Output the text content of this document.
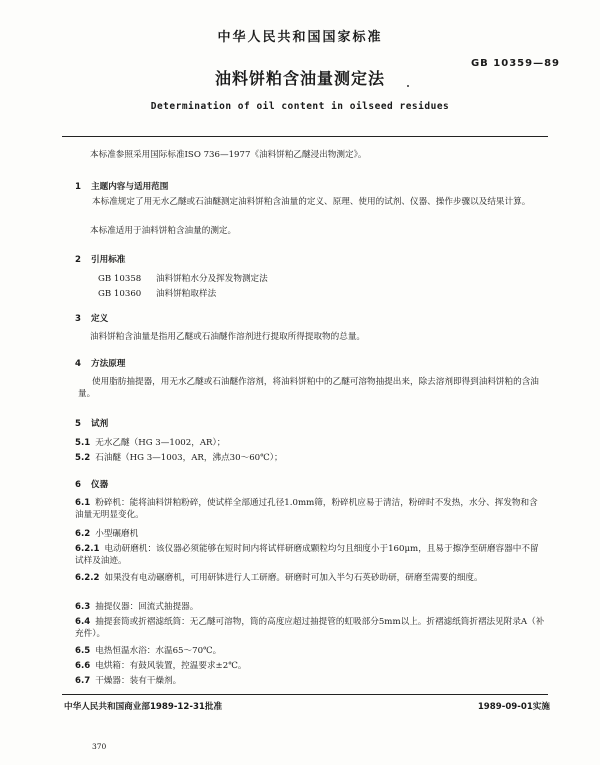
中华人民共和国国家标准
GB 10359—89
油料饼粕含油量测定法
Determination of oil content in oilseed residues
本标准参照采用国际标准ISO 736—1977《油料饼粕乙醚浸出物测定》。
1 主题内容与适用范围
本标准规定了用无水乙醚或石油醚测定油料饼粕含油量的定义、原理、使用的试剂、仪器、操作步骤以及结果计算。
本标准适用于油料饼粕含油量的测定。
2 引用标准
GB 10358 油料饼粕水分及挥发物测定法
GB 10360 油料饼粕取样法
3 定义
油料饼粕含油量是指用乙醚或石油醚作溶剂进行提取所得提取物的总量。
4 方法原理
使用脂肪抽提器，用无水乙醚或石油醚作溶剂，将油料饼粕中的乙醚可溶物抽提出来，除去溶剂即得到油料饼粕的含油量。
5 试剂
5.1 无水乙醚（HG 3—1002，AR）；
5.2 石油醚（HG 3—1003，AR，沸点30～60℃）；
6 仪器
6.1 粉碎机：能将油料饼粕粉碎，使试样全部通过孔径1.0mm筛，粉碎机应易于清洁，粉碎时不发热，水分、挥发物和含油量无明显变化。
6.2 小型碾磨机
6.2.1 电动研磨机：该仪器必须能够在短时间内将试样研磨成颗粒均匀且细度小于160μm，且易于擦净至研磨容器中不留试样及油迹。
6.2.2 如果没有电动碾磨机，可用研钵进行人工研磨。研磨时可加入半匀石英砂助研，研磨至需要的细度。
6.3 抽提仪器：回流式抽提器。
6.4 抽提套筒或折褶滤纸筒：无乙醚可溶物，筒的高度应超过抽提管的虹吸部分5mm以上。折褶滤纸筒折褶法见附录A（补充件）。
6.5 电热恒温水浴：水温65～70℃。
6.6 电烘箱：有鼓风装置，控温要求±2℃。
6.7 干燥器：装有干燥剂。
中华人民共和国商业部1989-12-31批准	1989-09-01实施
370
